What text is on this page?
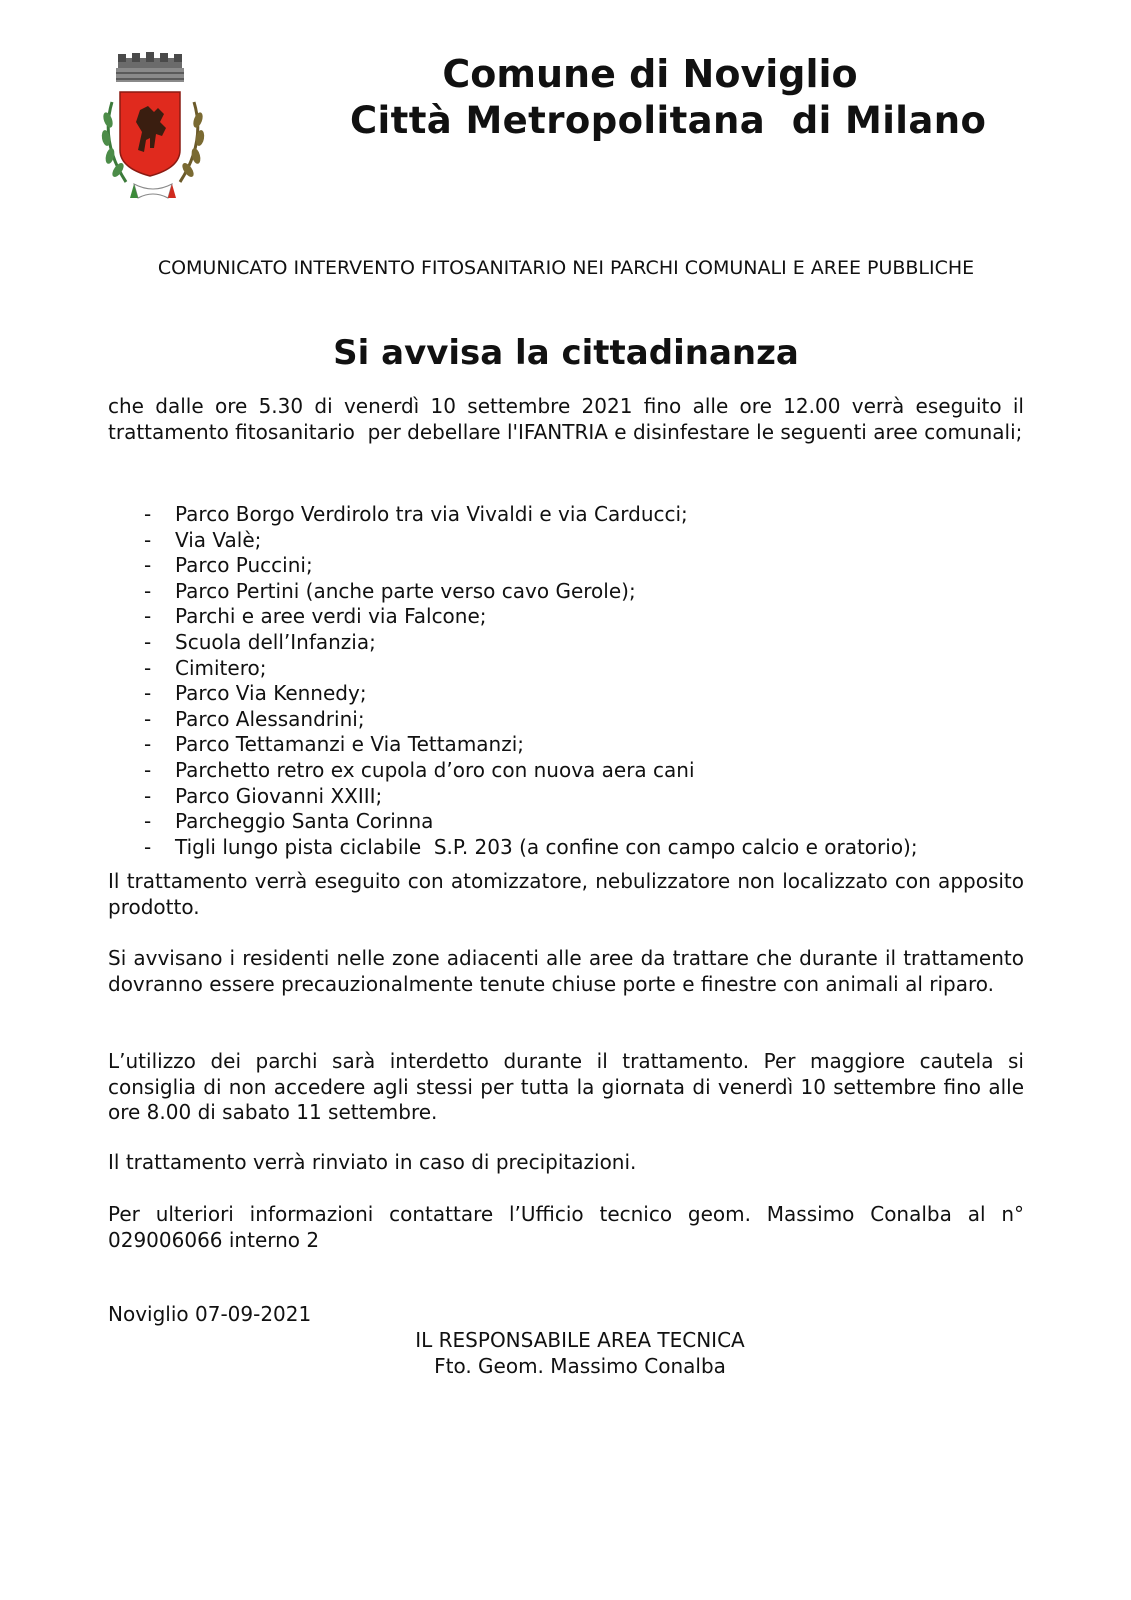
Comune di Noviglio
Città Metropolitana  di Milano

COMUNICATO INTERVENTO FITOSANITARIO NEI PARCHI COMUNALI E AREE PUBBLICHE

Si avvisa la cittadinanza

che dalle ore 5.30 di venerdì 10 settembre 2021 fino alle ore 12.00 verrà eseguito il trattamento fitosanitario  per debellare l'IFANTRIA e disinfestare le seguenti aree comunali;

-	Parco Borgo Verdirolo tra via Vivaldi e via Carducci;
-	Via Valè;
-	Parco Puccini;
-	Parco Pertini (anche parte verso cavo Gerole);
-	Parchi e aree verdi via Falcone;
-	Scuola dell’Infanzia;
-	Cimitero;
-	Parco Via Kennedy;
-	Parco Alessandrini;
-	Parco Tettamanzi e Via Tettamanzi;
-	Parchetto retro ex cupola d’oro con nuova aera cani
-	Parco Giovanni XXIII;
-	Parcheggio Santa Corinna
-	Tigli lungo pista ciclabile  S.P. 203 (a confine con campo calcio e oratorio);

Il trattamento verrà eseguito con atomizzatore, nebulizzatore non localizzato con apposito prodotto.

Si avvisano i residenti nelle zone adiacenti alle aree da trattare che durante il trattamento dovranno essere precauzionalmente tenute chiuse porte e finestre con animali al riparo.

L’utilizzo dei parchi sarà interdetto durante il trattamento. Per maggiore cautela si consiglia di non accedere agli stessi per tutta la giornata di venerdì 10 settembre fino alle ore 8.00 di sabato 11 settembre.

Il trattamento verrà rinviato in caso di precipitazioni.

Per ulteriori informazioni contattare l’Ufficio tecnico geom. Massimo Conalba al n° 029006066 interno 2

Noviglio 07-09-2021

IL RESPONSABILE AREA TECNICA
Fto. Geom. Massimo Conalba
